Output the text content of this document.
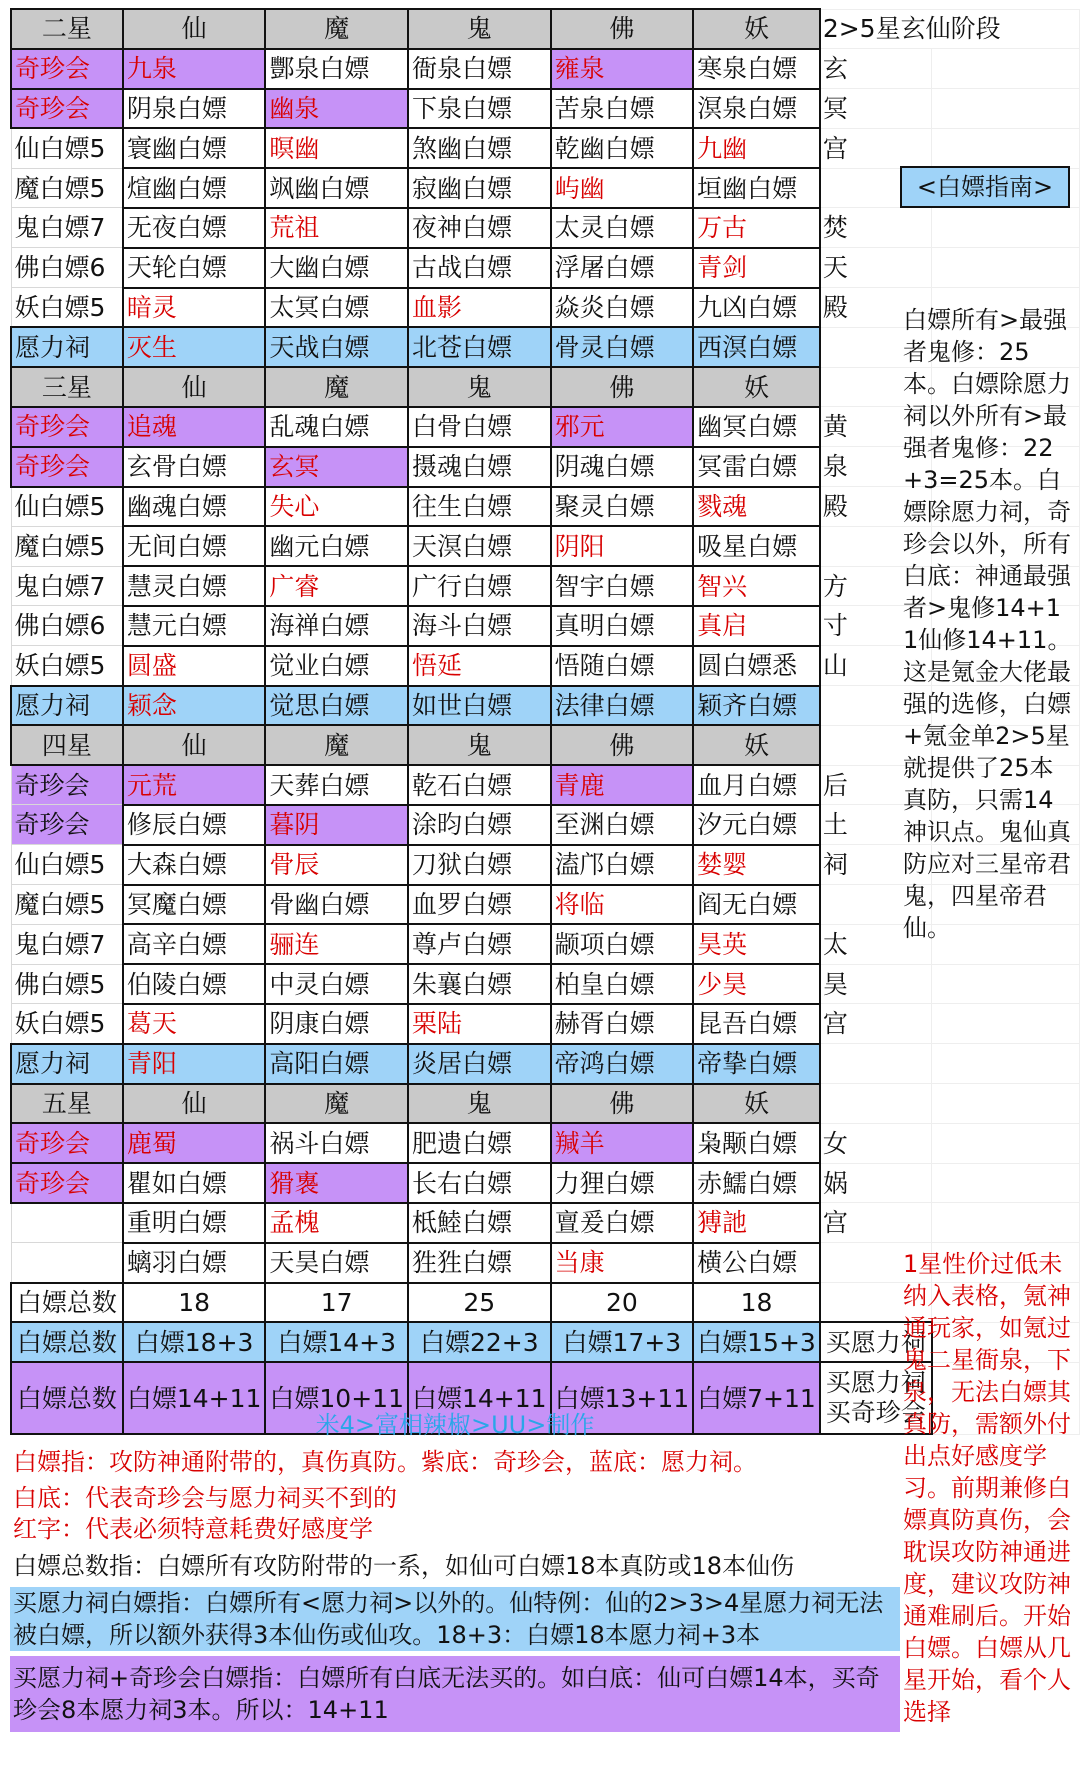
二星	仙	魔	鬼	佛	妖	2>5星玄仙阶段	
奇珍会	九泉	酆泉白嫖	衙泉白嫖	雍泉	寒泉白嫖	玄	
奇珍会	阴泉白嫖	幽泉	下泉白嫖	苦泉白嫖	溟泉白嫖	冥	
仙白嫖5	寰幽白嫖	暝幽	煞幽白嫖	乾幽白嫖	九幽	宫	
魔白嫖5	煊幽白嫖	飒幽白嫖	寂幽白嫖	屿幽	垣幽白嫖		
鬼白嫖7	无夜白嫖	荒祖	夜神白嫖	太灵白嫖	万古	焚	
佛白嫖6	天轮白嫖	大幽白嫖	古战白嫖	浮屠白嫖	青剑	天	
妖白嫖5	暗灵	太冥白嫖	血影	焱炎白嫖	九凶白嫖	殿	
愿力祠	灭生	天战白嫖	北苍白嫖	骨灵白嫖	西溟白嫖		
三星	仙	魔	鬼	佛	妖		
奇珍会	追魂	乱魂白嫖	白骨白嫖	邪元	幽冥白嫖	黄	
奇珍会	玄骨白嫖	玄冥	摄魂白嫖	阴魂白嫖	冥雷白嫖	泉	
仙白嫖5	幽魂白嫖	失心	往生白嫖	聚灵白嫖	戮魂	殿	
魔白嫖5	无间白嫖	幽元白嫖	天溟白嫖	阴阳	吸星白嫖		
鬼白嫖7	慧灵白嫖	广睿	广行白嫖	智宇白嫖	智兴	方	
佛白嫖6	慧元白嫖	海禅白嫖	海斗白嫖	真明白嫖	真启	寸	
妖白嫖5	圆盛	觉业白嫖	悟延	悟随白嫖	圆白嫖悉	山	
愿力祠	颖念	觉思白嫖	如世白嫖	法律白嫖	颖齐白嫖		
四星	仙	魔	鬼	佛	妖		
奇珍会	元荒	天葬白嫖	乾石白嫖	青鹿	血月白嫖	后	
奇珍会	修辰白嫖	暮阴	涂昀白嫖	至渊白嫖	汐元白嫖	土	
仙白嫖5	大森白嫖	骨辰	刀狱白嫖	溘邝白嫖	婪婴	祠	
魔白嫖5	冥魔白嫖	骨幽白嫖	血罗白嫖	将临	阎无白嫖		
鬼白嫖7	高辛白嫖	骊连	尊卢白嫖	颛项白嫖	昊英	太	
佛白嫖5	伯陵白嫖	中灵白嫖	朱襄白嫖	柏皇白嫖	少昊	昊	
妖白嫖5	葛天	阴康白嫖	栗陆	赫胥白嫖	昆吾白嫖	宫	
愿力祠	青阳	高阳白嫖	炎居白嫖	帝鸿白嫖	帝挚白嫖		
五星	仙	魔	鬼	佛	妖		
奇珍会	鹿蜀	祸斗白嫖	肥遗白嫖	羬羊	枭颙白嫖	女	
奇珍会	瞿如白嫖	猾褢	长右白嫖	力狸白嫖	赤鱬白嫖	娲	
	重明白嫖	孟槐	柢鯥白嫖	亶爰白嫖	猼訑	宫	
	螭羽白嫖	天昊白嫖	狌狌白嫖	当康	横公白嫖		
白嫖总数	18	17	25	20	18		
白嫖总数	白嫖18+3	白嫖14+3	白嫖22+3	白嫖17+3	白嫖15+3	买愿力祠	
白嫖总数	白嫖14+11	白嫖10+11	白嫖14+11	白嫖13+11	白嫖7+11	买愿力祠
买奇珍会	

<白嫖指南>
白嫖所有>最强者鬼修：25本。白嫖除愿力祠以外所有>最强者鬼修：22+3=25本。白嫖除愿力祠，奇珍会以外，所有白底：神通最强者>鬼修14+11仙修14+11。这是氪金大佬最强的选修，白嫖+氪金单2>5星就提供了25本真防，只需14神识点。鬼仙真防应对三星帝君鬼，四星帝君仙。
1星性价过低未纳入表格，氪神通玩家，如氪过鬼二星衙泉，下泉，无法白嫖其真防，需额外付出点好感度学习。前期兼修白嫖真防真伤，会耽误攻防神通进度，建议攻防神通难刷后。开始白嫖。白嫖从几星开始，看个人选择
米4>富相辣椒>UU>制作
白嫖指：攻防神通附带的，真伤真防。紫底：奇珍会，蓝底：愿力祠。
白底：代表奇珍会与愿力祠买不到的
红字：代表必须特意耗费好感度学
白嫖总数指：白嫖所有攻防附带的一系，如仙可白嫖18本真防或18本仙伤
买愿力祠白嫖指：白嫖所有<愿力祠>以外的。仙特例：仙的2>3>4星愿力祠无法被白嫖，所以额外获得3本仙伤或仙攻。18+3：白嫖18本愿力祠+3本
买愿力祠+奇珍会白嫖指：白嫖所有白底无法买的。如白底：仙可白嫖14本，买奇珍会8本愿力祠3本。所以：14+11
